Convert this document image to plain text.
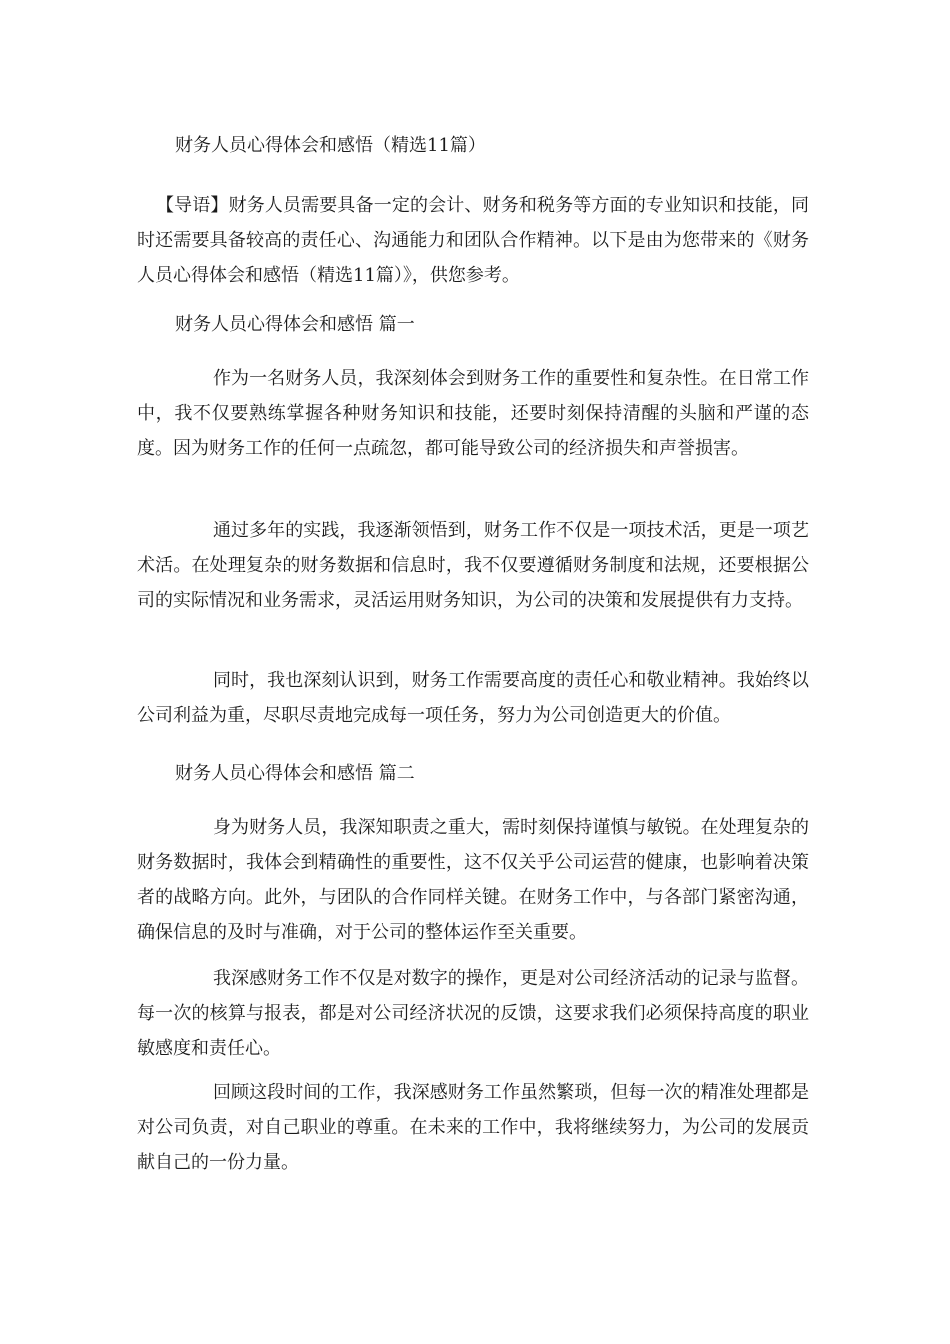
财务人员心得体会和感悟（精选11篇）

【导语】财务人员需要具备一定的会计、财务和税务等方面的专业知识和技能，同时还需要具备较高的责任心、沟通能力和团队合作精神。以下是由为您带来的《财务人员心得体会和感悟（精选11篇）》，供您参考。

财务人员心得体会和感悟 篇一

作为一名财务人员，我深刻体会到财务工作的重要性和复杂性。在日常工作中，我不仅要熟练掌握各种财务知识和技能，还要时刻保持清醒的头脑和严谨的态度。因为财务工作的任何一点疏忽，都可能导致公司的经济损失和声誉损害。

通过多年的实践，我逐渐领悟到，财务工作不仅是一项技术活，更是一项艺术活。在处理复杂的财务数据和信息时，我不仅要遵循财务制度和法规，还要根据公司的实际情况和业务需求，灵活运用财务知识，为公司的决策和发展提供有力支持。

同时，我也深刻认识到，财务工作需要高度的责任心和敬业精神。我始终以公司利益为重，尽职尽责地完成每一项任务，努力为公司创造更大的价值。

财务人员心得体会和感悟 篇二

身为财务人员，我深知职责之重大，需时刻保持谨慎与敏锐。在处理复杂的财务数据时，我体会到精确性的重要性，这不仅关乎公司运营的健康，也影响着决策者的战略方向。此外，与团队的合作同样关键。在财务工作中，与各部门紧密沟通，确保信息的及时与准确，对于公司的整体运作至关重要。

我深感财务工作不仅是对数字的操作，更是对公司经济活动的记录与监督。每一次的核算与报表，都是对公司经济状况的反馈，这要求我们必须保持高度的职业敏感度和责任心。

回顾这段时间的工作，我深感财务工作虽然繁琐，但每一次的精准处理都是对公司负责，对自己职业的尊重。在未来的工作中，我将继续努力，为公司的发展贡献自己的一份力量。
